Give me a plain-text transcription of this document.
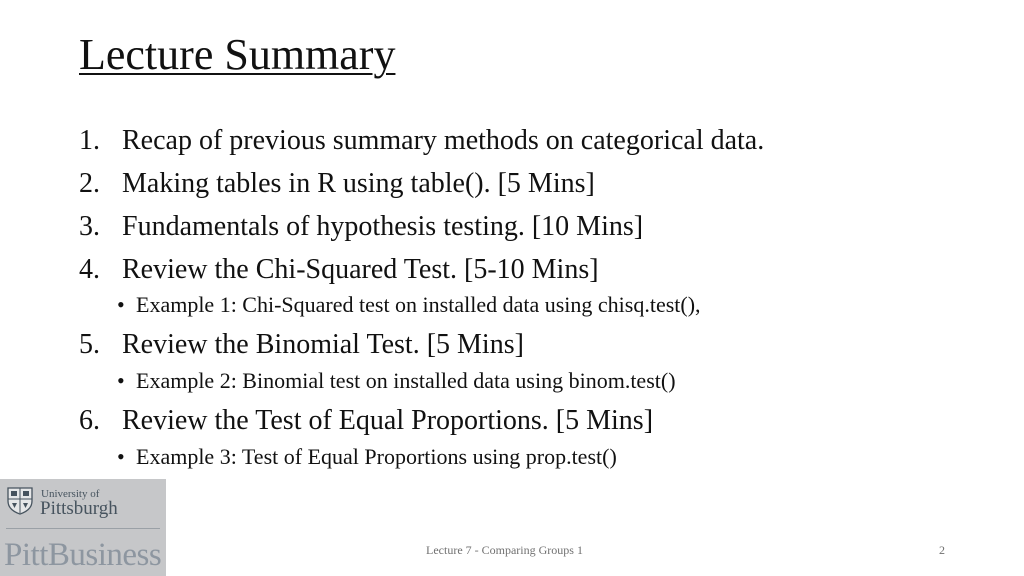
Lecture Summary
1. Recap of previous summary methods on categorical data.
2. Making tables in R using table(). [5 Mins]
3. Fundamentals of hypothesis testing. [10 Mins]
4. Review the Chi-Squared Test. [5-10 Mins]
• Example 1: Chi-Squared test on installed data using chisq.test(),
5. Review the Binomial Test. [5 Mins]
• Example 2: Binomial test on installed data using binom.test()
6. Review the Test of Equal Proportions. [5 Mins]
• Example 3: Test of Equal Proportions using prop.test()
University of
Pittsburgh
PittBusiness	Lecture 7 - Comparing Groups 1	2
